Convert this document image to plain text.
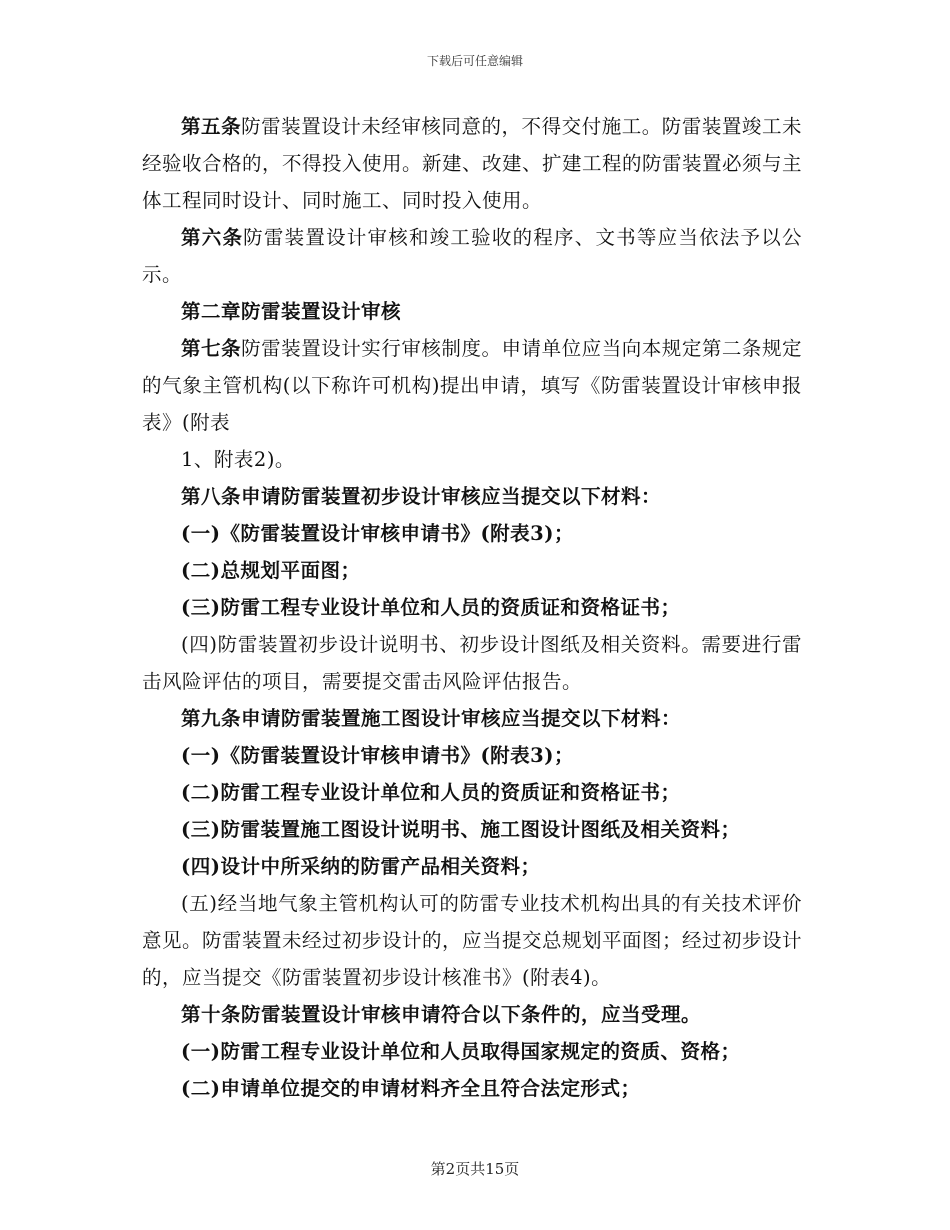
下载后可任意编辑

第五条防雷装置设计未经审核同意的，不得交付施工。防雷装置竣工未经验收合格的，不得投入使用。新建、改建、扩建工程的防雷装置必须与主体工程同时设计、同时施工、同时投入使用。

第六条防雷装置设计审核和竣工验收的程序、文书等应当依法予以公示。

第二章防雷装置设计审核

第七条防雷装置设计实行审核制度。申请单位应当向本规定第二条规定的气象主管机构(以下称许可机构)提出申请，填写《防雷装置设计审核申报表》(附表

1、附表2)。

第八条申请防雷装置初步设计审核应当提交以下材料：

(一)《防雷装置设计审核申请书》(附表3)；

(二)总规划平面图；

(三)防雷工程专业设计单位和人员的资质证和资格证书；

(四)防雷装置初步设计说明书、初步设计图纸及相关资料。需要进行雷击风险评估的项目，需要提交雷击风险评估报告。

第九条申请防雷装置施工图设计审核应当提交以下材料：

(一)《防雷装置设计审核申请书》(附表3)；

(二)防雷工程专业设计单位和人员的资质证和资格证书；

(三)防雷装置施工图设计说明书、施工图设计图纸及相关资料；

(四)设计中所采纳的防雷产品相关资料；

(五)经当地气象主管机构认可的防雷专业技术机构出具的有关技术评价意见。防雷装置未经过初步设计的，应当提交总规划平面图；经过初步设计的，应当提交《防雷装置初步设计核准书》(附表4)。

第十条防雷装置设计审核申请符合以下条件的，应当受理。

(一)防雷工程专业设计单位和人员取得国家规定的资质、资格；

(二)申请单位提交的申请材料齐全且符合法定形式；

第2页共15页
